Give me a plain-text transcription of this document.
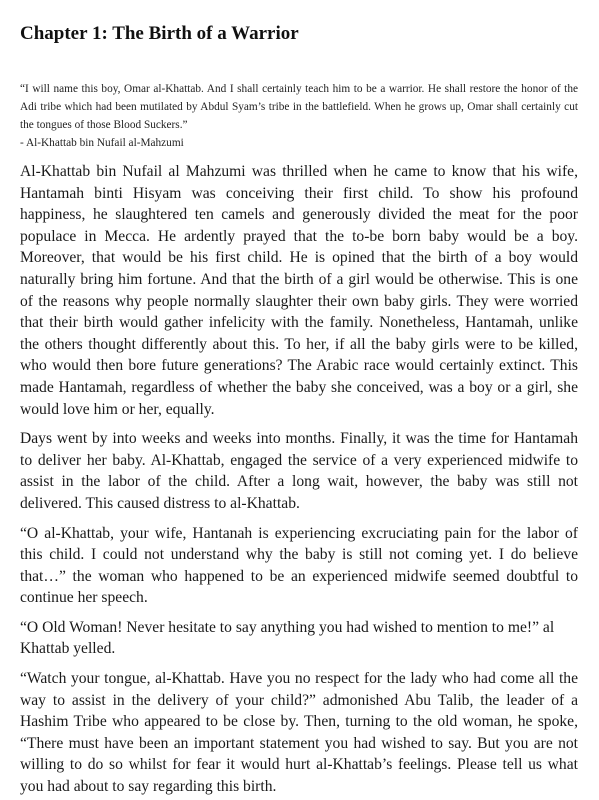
Chapter 1: The Birth of a Warrior
“I will name this boy, Omar al-Khattab. And I shall certainly teach him to be a warrior. He shall restore the honor of the Adi tribe which had been mutilated by Abdul Syam’s tribe in the battlefield. When he grows up, Omar shall certainly cut the tongues of those Blood Suckers.”
- Al-Khattab bin Nufail al-Mahzumi

Al-Khattab bin Nufail al Mahzumi was thrilled when he came to know that his wife, Hantamah binti Hisyam was conceiving their first child. To show his profound happiness, he slaughtered ten camels and generously divided the meat for the poor populace in Mecca. He ardently prayed that the to-be born baby would be a boy. Moreover, that would be his first child. He is opined that the birth of a boy would naturally bring him fortune. And that the birth of a girl would be otherwise. This is one of the reasons why people normally slaughter their own baby girls. They were worried that their birth would gather infelicity with the family. Nonetheless, Hantamah, unlike the others thought differently about this. To her, if all the baby girls were to be killed, who would then bore future generations? The Arabic race would certainly extinct. This made Hantamah, regardless of whether the baby she conceived, was a boy or a girl, she would love him or her, equally.

Days went by into weeks and weeks into months. Finally, it was the time for Hantamah to deliver her baby. Al-Khattab, engaged the service of a very experienced midwife to assist in the labor of the child. After a long wait, however, the baby was still not delivered. This caused distress to al-Khattab.

“O al-Khattab, your wife, Hantanah is experiencing excruciating pain for the labor of this child. I could not understand why the baby is still not coming yet. I do believe that…” the woman who happened to be an experienced midwife seemed doubtful to continue her speech.

“O Old Woman! Never hesitate to say anything you had wished to mention to me!” al
Khattab yelled.

“Watch your tongue, al-Khattab. Have you no respect for the lady who had come all the way to assist in the delivery of your child?” admonished Abu Talib, the leader of a Hashim Tribe who appeared to be close by. Then, turning to the old woman, he spoke, “There must have been an important statement you had wished to say. But you are not willing to do so whilst for fear it would hurt al-Khattab’s feelings. Please tell us what you had about to say regarding this birth.
